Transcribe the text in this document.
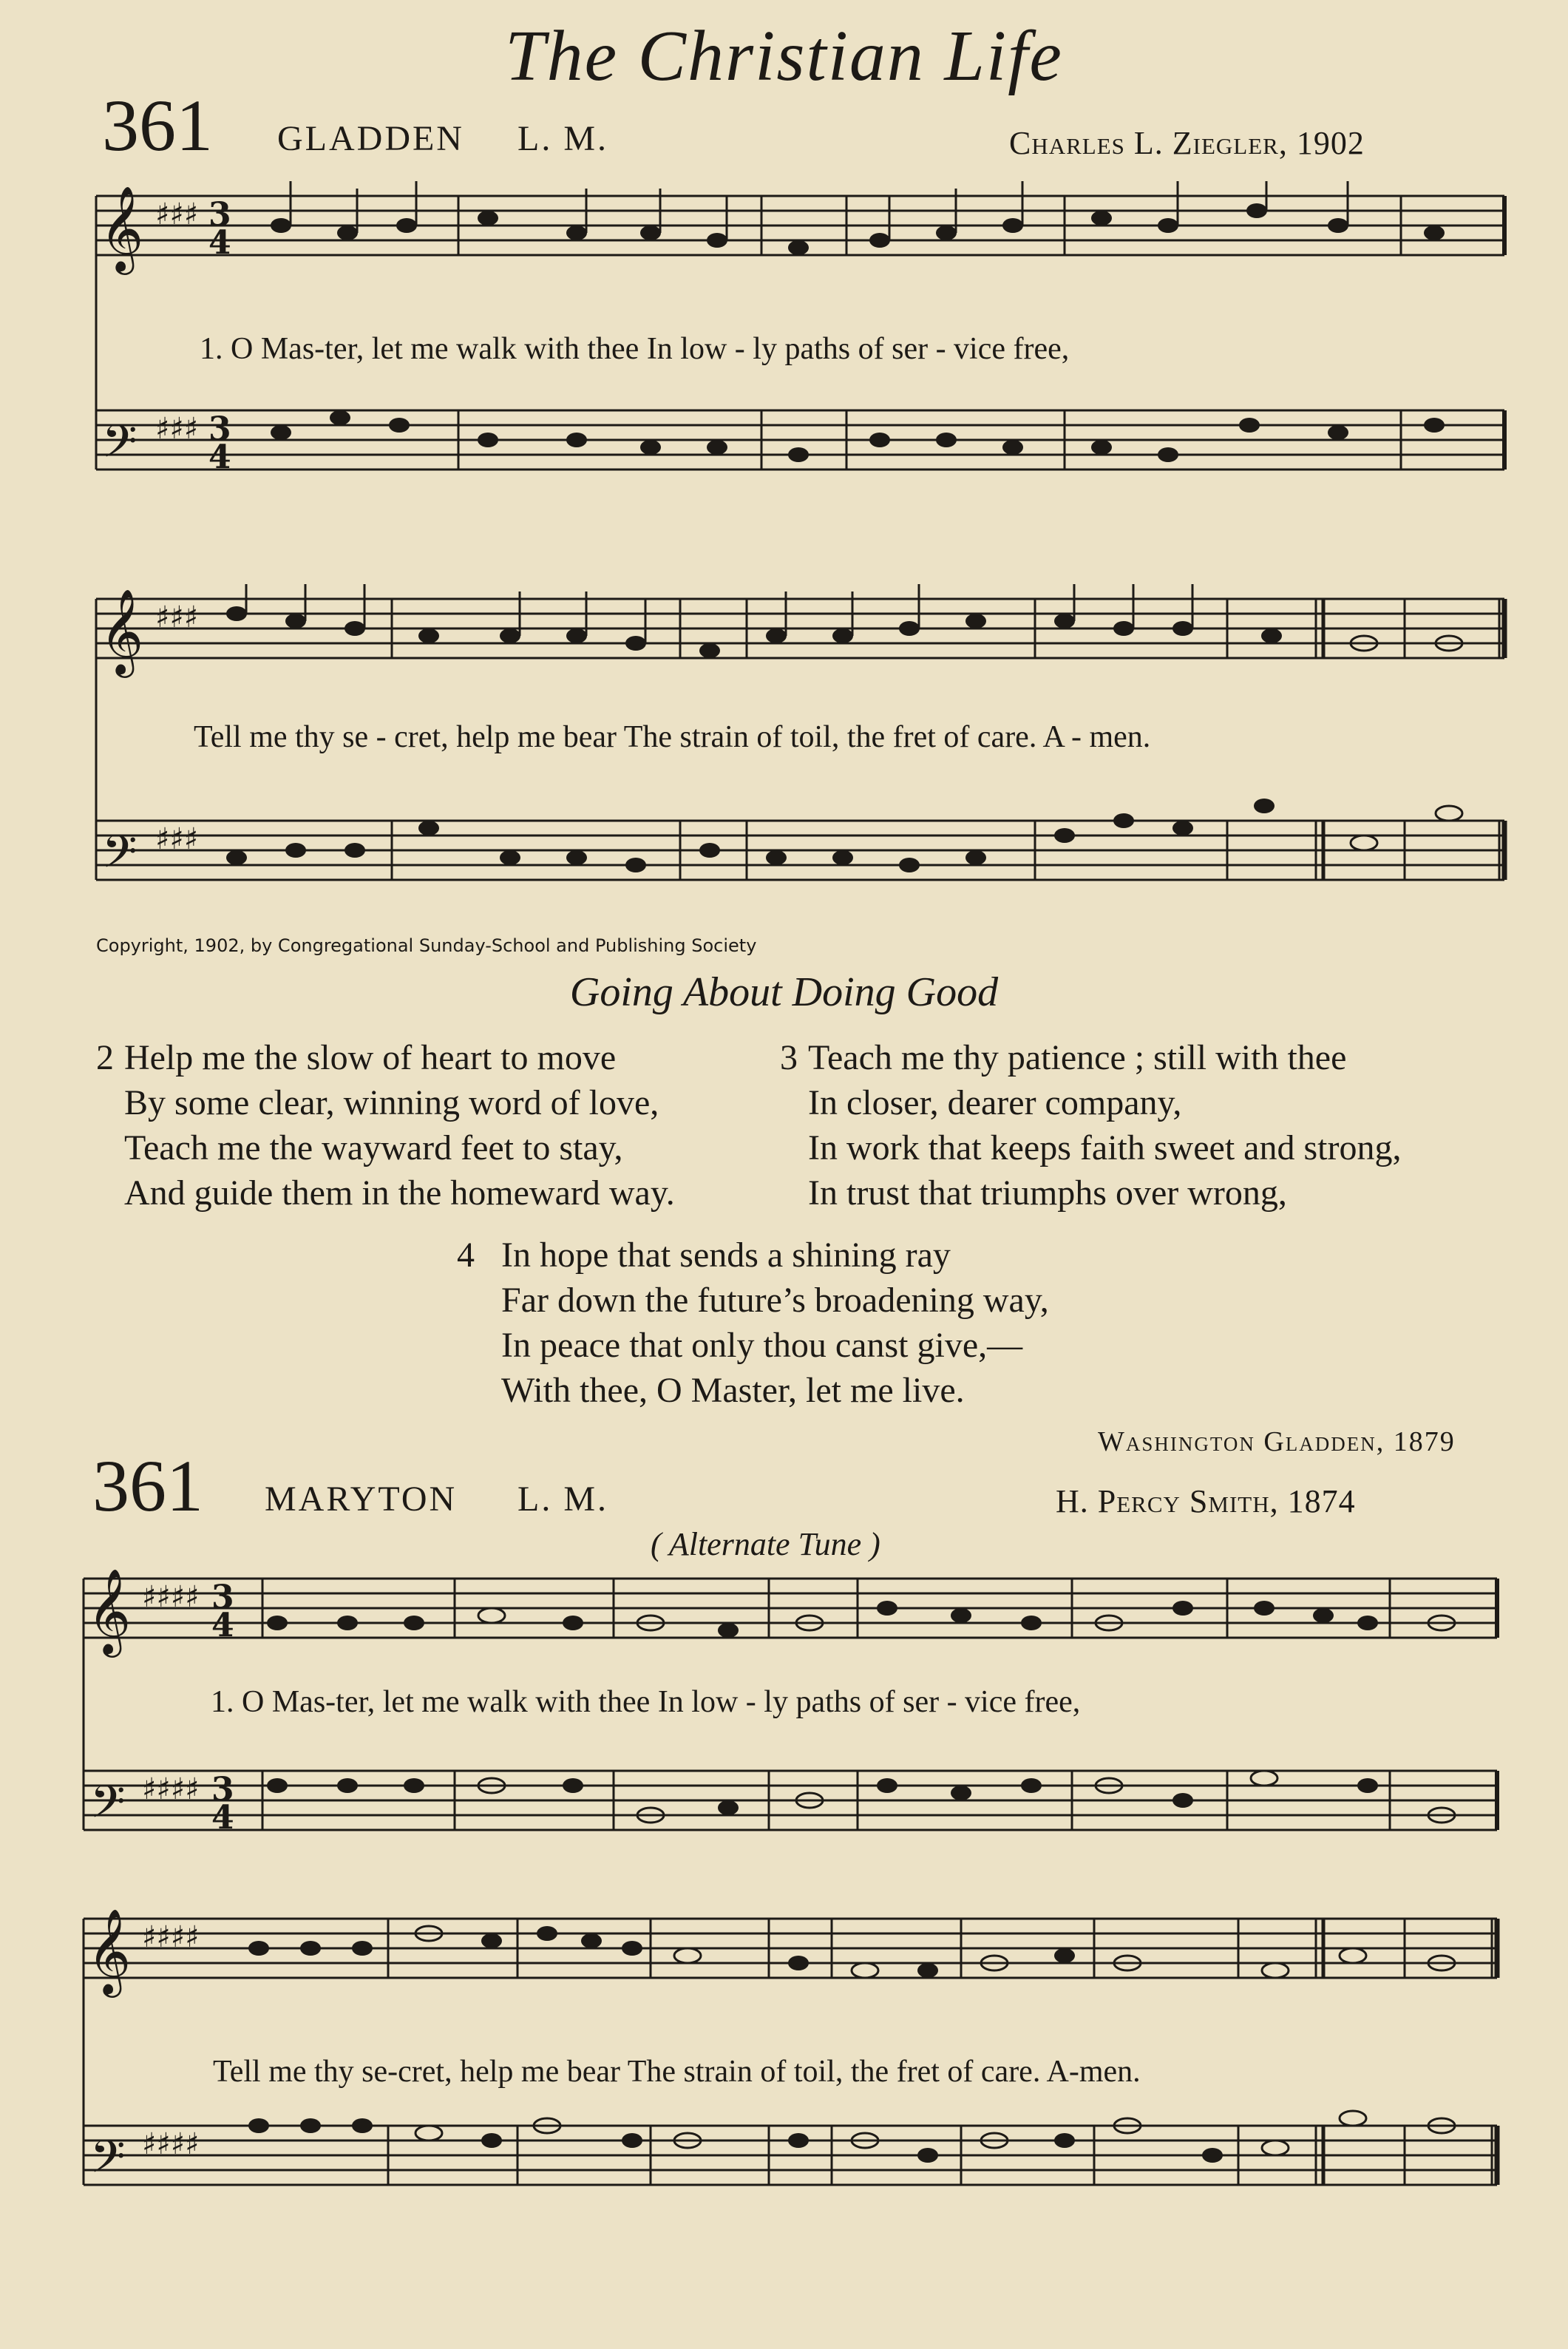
The Christian Life
361 GLADDEN L. M.	Charles L. Ziegler, 1902
𝄞
𝄢
♯♯♯
♯♯♯
3
4
3
4
1. O Mas-ter, let me walk with thee In low - ly paths of ser - vice free,
𝄞
𝄢
♯♯♯
♯♯♯
Tell me thy se - cret, help me bear The strain of toil, the fret of care. A - men.
Copyright, 1902, by Congregational Sunday-School and Publishing Society
Going About Doing Good
2 Help me the slow of heart to move
By some clear, winning word of love,
Teach me the wayward feet to stay,
And guide them in the homeward way.
3 Teach me thy patience ; still with thee
In closer, dearer company,
In work that keeps faith sweet and strong,
In trust that triumphs over wrong,
4 In hope that sends a shining ray
Far down the future’s broadening way,
In peace that only thou canst give,—
With thee, O Master, let me live.
Washington Gladden, 1879
361 MARYTON L. M.	H. Percy Smith, 1874
( Alternate Tune )
𝄞
𝄢
♯♯♯♯
♯♯♯♯
3
4
3
4
1. O Mas-ter, let me walk with thee In low - ly paths of ser - vice free,
𝄞
𝄢
♯♯♯♯
♯♯♯♯
Tell me thy se-cret, help me bear The strain of toil, the fret of care. A-men.
